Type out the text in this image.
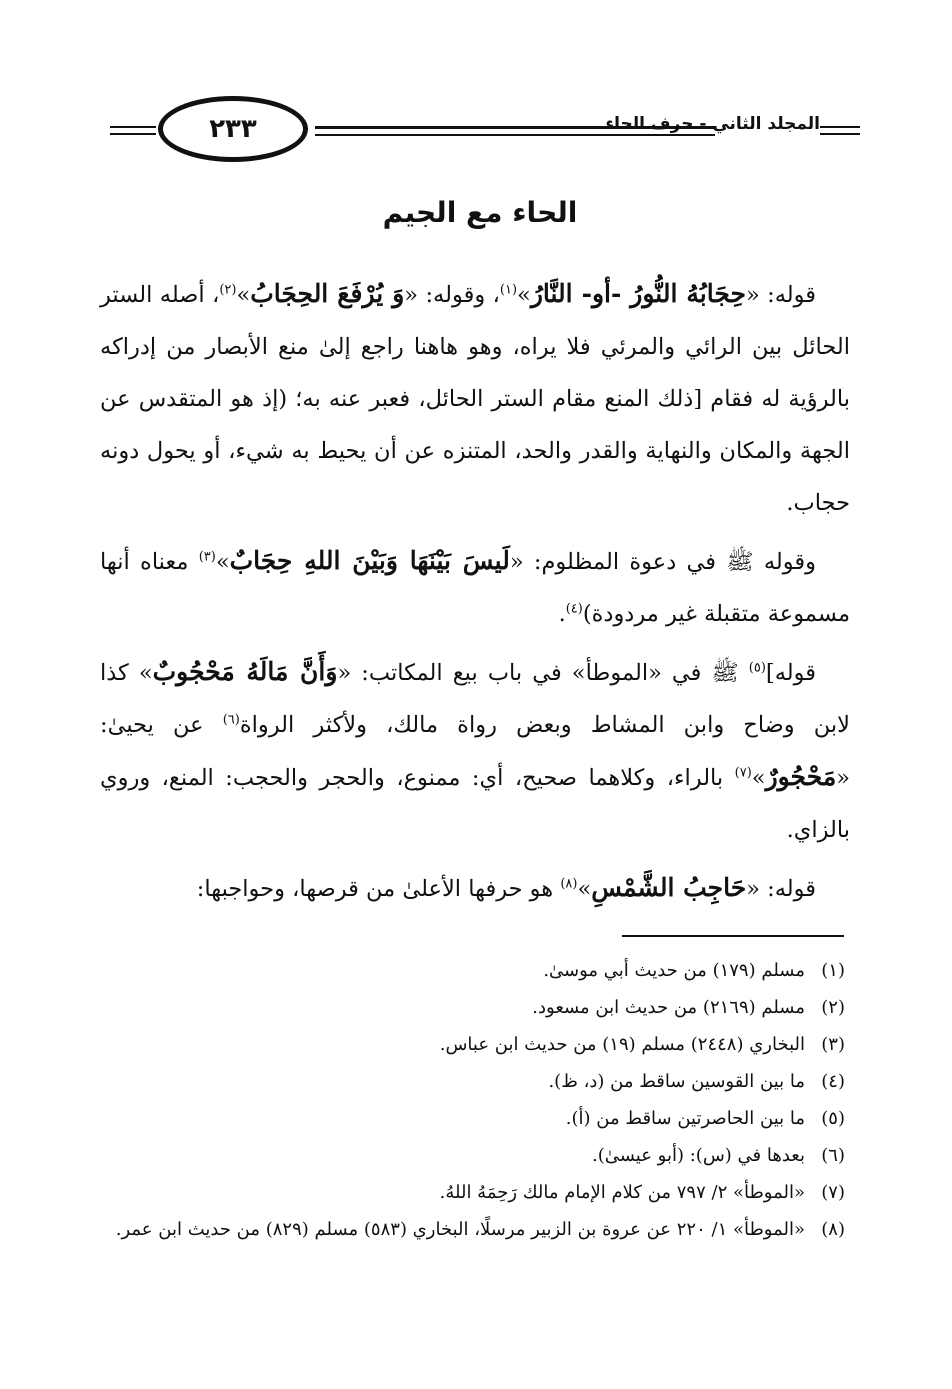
٢٣٣	المجلد الثاني - حرف الحاء
الحاء مع الجيم

قوله: «حِجَابُهُ النُّورُ -أو- النَّارُ»$^{(١)}$، وقوله: «وَ يُرْفَعَ الحِجَابُ»$^{(٢)}$، أصله الستر الحائل بين الرائي والمرئي فلا يراه، وهو هاهنا راجع إلىٰ منع الأبصار من إدراكه بالرؤية له فقام [ذلك المنع مقام الستر الحائل، فعبر عنه به؛ (إذ هو المتقدس عن الجهة والمكان والنهاية والقدر والحد، المتنزه عن أن يحيط به شيء، أو يحول دونه حجاب.

وقوله ﷺ في دعوة المظلوم: «لَيسَ بَيْنَهَا وَبَيْنَ اللهِ حِجَابٌ»$^{(٣)}$ معناه أنها مسموعة متقبلة غير مردودة)$^{(٤)}$.

قوله]$^{(٥)}$ ﷺ في «الموطأ» في باب بيع المكاتب: «وَأَنَّ مَالَهُ مَحْجُوبٌ» كذا لابن وضاح وابن المشاط وبعض رواة مالك، ولأكثر الرواة$^{(٦)}$ عن يحيىٰ: «مَحْجُورٌ»$^{(٧)}$ بالراء، وكلاهما صحيح، أي: ممنوع، والحجر والحجب: المنع، وروي بالزاي.

قوله: «حَاجِبُ الشَّمْسِ»$^{(٨)}$ هو حرفها الأعلىٰ من قرصها، وحواجبها:

(١)
مسلم (١٧٩) من حديث أبي موسىٰ.
(٢)
مسلم (٢١٦٩) من حديث ابن مسعود.
(٣)
البخاري (٢٤٤٨) مسلم (١٩) من حديث ابن عباس.
(٤)
ما بين القوسين ساقط من (د، ظ).
(٥)
ما بين الحاصرتين ساقط من (أ).
(٦)
بعدها في (س): (أبو عيسىٰ).
(٧)
«الموطأ» ٢/ ٧٩٧ من كلام الإمام مالك رَحِمَهُ اللهُ.
(٨)
«الموطأ» ١/ ٢٢٠ عن عروة بن الزبير مرسلًا، البخاري (٥٨٣) مسلم (٨٢٩) من حديث ابن عمر.
